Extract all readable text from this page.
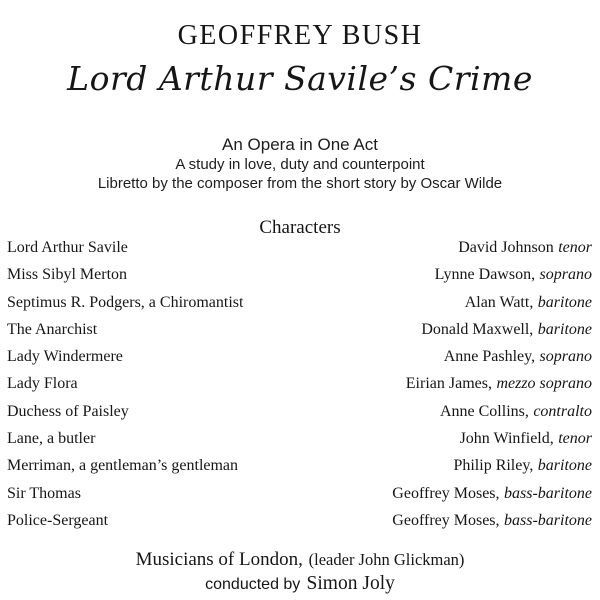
GEOFFREY BUSH
Lord Arthur Savile’s Crime
An Opera in One Act
A study in love, duty and counterpoint
Libretto by the composer from the short story by Oscar Wilde
Characters
Lord Arthur Savile	David Johnson tenor
Miss Sibyl Merton	Lynne Dawson, soprano
Septimus R. Podgers, a Chiromantist	Alan Watt, baritone
The Anarchist	Donald Maxwell, baritone
Lady Windermere	Anne Pashley, soprano
Lady Flora	Eirian James, mezzo soprano
Duchess of Paisley	Anne Collins, contralto
Lane, a butler	John Winfield, tenor
Merriman, a gentleman’s gentleman	Philip Riley, baritone
Sir Thomas	Geoffrey Moses, bass-baritone
Police-Sergeant	Geoffrey Moses, bass-baritone
Musicians of London, (leader John Glickman)
conducted by Simon Joly
